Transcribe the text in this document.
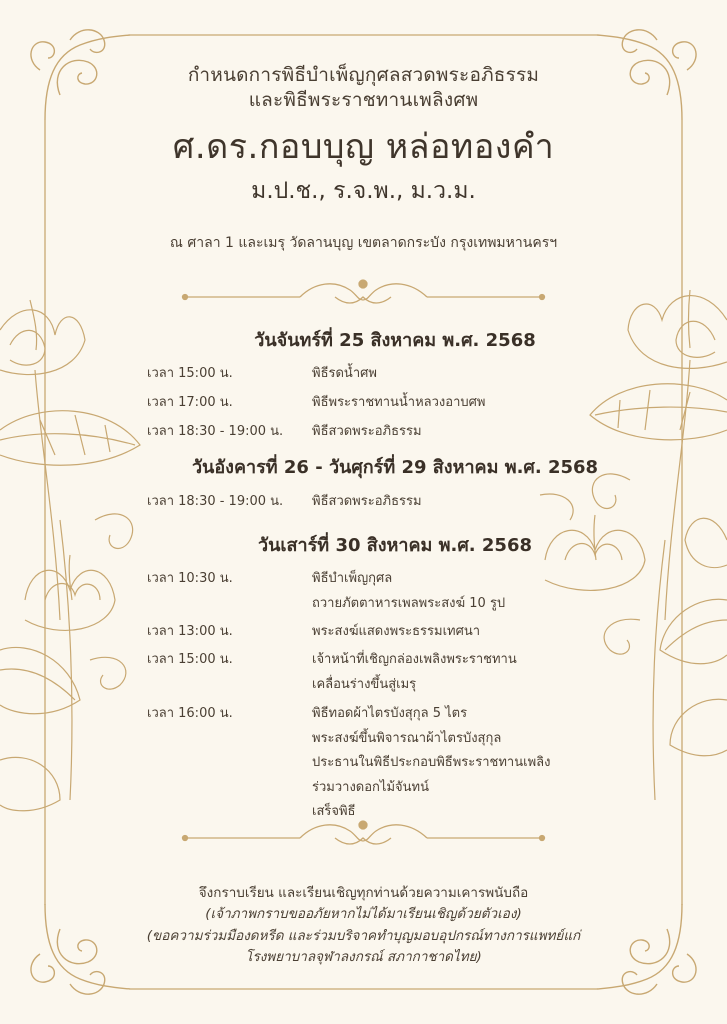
กำหนดการพิธีบำเพ็ญกุศลสวดพระอภิธรรม
และพิธีพระราชทานเพลิงศพ
ศ.ดร.กอบบุญ หล่อทองคำ
ม.ป.ช., ร.จ.พ., ม.ว.ม.
ณ ศาลา 1 และเมรุ วัดลานบุญ เขตลาดกระบัง กรุงเทพมหานครฯ
วันจันทร์ที่ 25 สิงหาคม พ.ศ. 2568
เวลา 15:00 น.	พิธีรดน้ำศพ
เวลา 17:00 น.	พิธีพระราชทานน้ำหลวงอาบศพ
เวลา 18:30 - 19:00 น. พิธีสวดพระอภิธรรม
วันอังคารที่ 26 - วันศุกร์ที่ 29 สิงหาคม พ.ศ. 2568
เวลา 18:30 - 19:00 น. พิธีสวดพระอภิธรรม
วันเสาร์ที่ 30 สิงหาคม พ.ศ. 2568
เวลา 10:30 น.	พิธีบำเพ็ญกุศล
ถวายภัตตาหารเพลพระสงฆ์ 10 รูป
เวลา 13:00 น.	พระสงฆ์แสดงพระธรรมเทศนา
เวลา 15:00 น.	เจ้าหน้าที่เชิญกล่องเพลิงพระราชทาน
เคลื่อนร่างขึ้นสู่เมรุ
เวลา 16:00 น.	พิธีทอดผ้าไตรบังสุกุล 5 ไตร
พระสงฆ์ขึ้นพิจารณาผ้าไตรบังสุกุล
ประธานในพิธีประกอบพิธีพระราชทานเพลิง
ร่วมวางดอกไม้จันทน์
เสร็จพิธี
จึงกราบเรียน และเรียนเชิญทุกท่านด้วยความเคารพนับถือ
(เจ้าภาพกราบขออภัยหากไม่ได้มาเรียนเชิญด้วยตัวเอง)
(ขอความร่วมมืองดหรีด และร่วมบริจาคทำบุญมอบอุปกรณ์ทางการแพทย์แก่
โรงพยาบาลจุฬาลงกรณ์ สภากาชาดไทย)
